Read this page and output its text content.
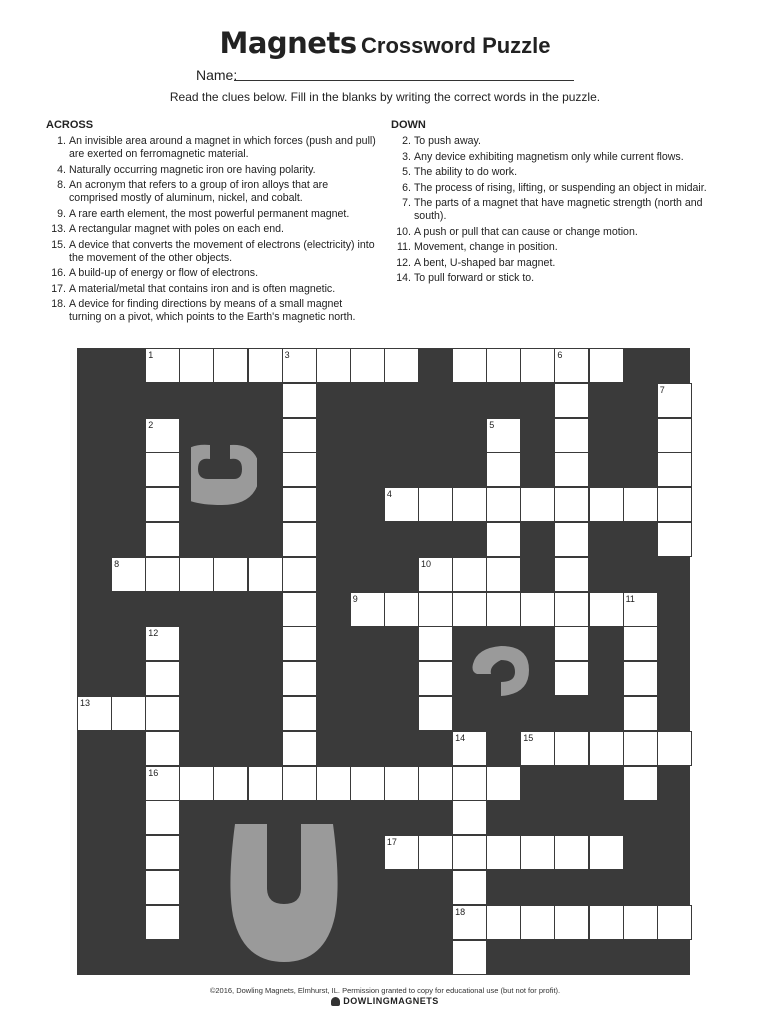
Magnets Crossword Puzzle
Name:
Read the clues below. Fill in the blanks by writing the correct words in the puzzle.
ACROSS
1. An invisible area around a magnet in which forces (push and pull) are exerted on ferromagnetic material.
4. Naturally occurring magnetic iron ore having polarity.
8. An acronym that refers to a group of iron alloys that are comprised mostly of aluminum, nickel, and cobalt.
9. A rare earth element, the most powerful permanent magnet.
13. A rectangular magnet with poles on each end.
15. A device that converts the movement of electrons (electricity) into the movement of the other objects.
16. A build-up of energy or flow of electrons.
17. A material/metal that contains iron and is often magnetic.
18. A device for finding directions by means of a small magnet turning on a pivot, which points to the Earth's magnetic north.
DOWN
2. To push away.
3. Any device exhibiting magnetism only while current flows.
5. The ability to do work.
6. The process of rising, lifting, or suspending an object in midair.
7. The parts of a magnet that have magnetic strength (north and south).
10. A push or pull that can cause or change motion.
11. Movement, change in position.
12. A bent, U-shaped bar magnet.
14. To pull forward or stick to.
1	3	6
7
2	5
4
8	10
9	11
12
13
14	15
16
17
18
©2016, Dowling Magnets, Elmhurst, IL. Permission granted to copy for educational use (but not for profit).
DOWLINGMAGNETS
